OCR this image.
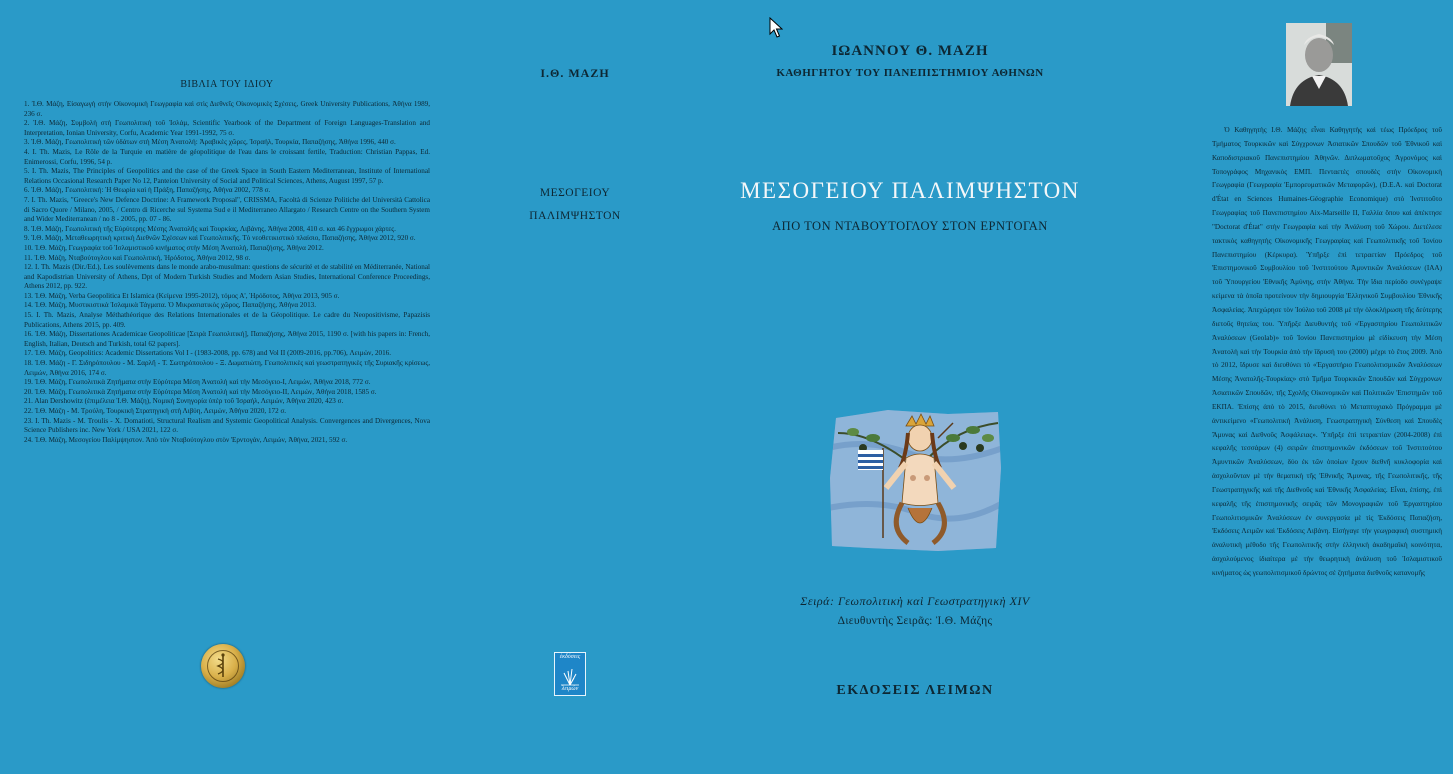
ΒΙΒΛΙΑ ΤΟΥ ΙΔΙΟΥ

1. Ἰ.Θ. Μάζη, Εἰσαγωγὴ στὴν Οἰκονομικὴ Γεωγραφία καὶ στὶς Διεθνεῖς Οἰκονομικὲς Σχέσεις, Greek University Publications, Ἀθήνα 1989, 236 σ.

2. Ἰ.Θ. Μάζη, Συμβολὴ στὴ Γεωπολιτικὴ τοῦ Ἰσλάμ, Scientific Yearbook of the Department of Foreign Languages-Translation and Interpretation, Ionian University, Corfu, Academic Year 1991-1992, 75 σ.

3. Ἰ.Θ. Μάζη, Γεωπολιτικὴ τῶν ὑδάτων στὴ Μέση Ἀνατολή: Ἀραβικὲς χῶρες, Ἰσραήλ, Τουρκία, Παπαζήσης, Ἀθήνα 1996, 440 σ.

4. I. Th. Mazis, Le Rôle de la Turquie en matière de géopolitique de l'eau dans le croissant fertile, Traduction: Christian Pappas, Ed. Enimerossi, Corfu, 1996, 54 p.

5. I. Th. Mazis, The Principles of Geopolitics and the case of the Greek Space in South Eastern Mediterranean, Institute of International Relations Occasional Research Paper No 12, Panteion University of Social and Political Sciences, Athens, August 1997, 57 p.

6. Ἰ.Θ. Μάζη, Γεωπολιτική: Ἡ Θεωρία καὶ ἡ Πράξη, Παπαζήσης, Ἀθήνα 2002, 778 σ.

7. I. Th. Mazis, "Greece's New Defence Doctrine: A Framework Proposal", CRISSMA, Facoltà di Scienze Politiche del Università Cattolica di Sacro Quore / Milano, 2005, / Centro di Ricerche sul Systema Sud e il Mediterraneo Allargato / Research Centre on the Southern System and Wider Mediterranean / no 8 - 2005, pp. 07 - 86.

8. Ἰ.Θ. Μάζη, Γεωπολιτικὴ τῆς Εὐρύτερης Μέσης Ἀνατολῆς καὶ Τουρκίας, Λιβάνης, Ἀθήνα 2008, 410 σ. και 46 ἔγχρωμοι χάρτες.

9. Ἰ.Θ. Μάζη, Μεταθεωρητικὴ κριτικὴ Διεθνῶν Σχέσεων καὶ Γεωπολιτικῆς. Τὸ νεοθετικιστικὸ πλαίσιο, Παπαζήσης, Ἀθήνα 2012, 920 σ.

10. Ἰ.Θ. Μάζη, Γεωγραφία τοῦ Ἰσλαμιστικοῦ κινήματος στὴν Μέση Ἀνατολή, Παπαζήσης, Ἀθήνα 2012.

11. Ἰ.Θ. Μάζη, Νταβούτογλου καὶ Γεωπολιτική, Ἡρόδοτος, Ἀθήνα 2012, 98 σ.

12. I. Th. Mazis (Dir./Ed.), Les soulèvements dans le monde arabo-musulman: questions de sécurité et de stabilité en Méditerranée, National and Kapodistrian University of Athens, Dpt of Modern Turkish Studies and Modern Asian Studies, International Conference Proceedings, Athens 2012, pp. 922.

13. Ἰ.Θ. Μάζη, Verba Geopolitica Et Islamica (Κείμενα 1995-2012), τόμος Α', Ἡρόδοτος, Ἀθήνα 2013, 905 σ.

14. Ἰ.Θ. Μάζη, Μυστικιστικὰ Ἰσλαμικὰ Τάγματα. Ὁ Μικρασιατικὸς χῶρος, Παπαζήσης, Ἀθήνα 2013.

15. I. Th. Mazis, Analyse Méthathéorique des Relations Internationales et de la Géopolitique. Le cadre du Neopositivisme, Papazisis Publications, Athens 2015, pp. 409.

16. Ἰ.Θ. Μάζη, Dissertationes Academicae Geopoliticae [Σειρὰ Γεωπολιτική], Παπαζήσης, Ἀθήνα 2015, 1190 σ. [with his papers in: French, English, Italian, Deutsch and Turkish, total 62 papers].

17. Ἰ.Θ. Μάζη, Geopolitics: Academic Dissertations Vol I - (1983-2008, pp. 678) and Vol II (2009-2016, pp.706), Λειμών, 2016.

18. Ἰ.Θ. Μάζη - Γ. Σιδηρόπουλου - Μ. Σαρλῆ - Τ. Σωτηρόπουλου - Ξ. Δωματιώτη, Γεωπολιτικὲς καὶ γεωστρατηγικὲς τῆς Συριακῆς κρίσεως, Λειμών, Ἀθήνα 2016, 174 σ.

19. Ἰ.Θ. Μάζη, Γεωπολιτικὰ Ζητήματα στὴν Εὐρύτερα Μέση Ἀνατολὴ καὶ τὴν Μεσόγειο-Ι, Λειμών, Ἀθήνα 2018, 772 σ.

20. Ἰ.Θ. Μάζη, Γεωπολιτικὰ Ζητήματα στὴν Εὐρύτερα Μέση Ἀνατολὴ καὶ τὴν Μεσόγειο-ΙΙ, Λειμών, Ἀθήνα 2018, 1585 σ.

21. Alan Dershowitz (ἐπιμέλεια Ἰ.Θ. Μάζη), Νομικὴ Συνηγορία ὑπὲρ τοῦ Ἰσραήλ, Λειμών, Ἀθήνα 2020, 423 σ.

22. Ἰ.Θ. Μάζη - Μ. Τρούλη, Τουρκικὴ Στρατηγικὴ στὴ Λιβύη, Λειμών, Ἀθήνα 2020, 172 σ.

23. I. Th. Mazis - M. Troulis - X. Domatioti, Structural Realism and Systemic Geopolitical Analysis. Convergences and Divergences, Nova Science Publishers inc. New York / USA 2021, 122 σ.

24. Ἰ.Θ. Μάζη, Μεσογείου Παλίμψηστον. Ἀπὸ τὸν Νταβούτογλου στὸν Ἐρντογάν, Λειμών, Ἀθήνα, 2021, 592 σ.

Ι.Θ. ΜΑΖΗ
ΜΕΣΟΓΕΙΟΥ
ΠΑΛΙΜΨΗΣΤΟΝ
ἐκδόσεις
λειμών
ΙΩΑΝΝΟΥ Θ. ΜΑΖΗ
ΚΑΘΗΓΗΤΟΥ ΤΟΥ ΠΑΝΕΠΙΣΤΗΜΙΟΥ ΑΘΗΝΩΝ
ΜΕΣΟΓΕΙΟΥ ΠΑΛΙΜΨΗΣΤΟΝ
ΑΠΟ ΤΟΝ ΝΤΑΒΟΥΤΟΓΛΟΥ ΣΤΟΝ ΕΡΝΤΟΓΑΝ
Σειρά: Γεωπολιτικὴ καὶ Γεωστρατηγικὴ XIV
Διευθυντὴς Σειρᾶς: Ἰ.Θ. Μάζης
ΕΚΔΟΣΕΙΣ ΛΕΙΜΩΝ
Ὁ Καθηγητὴς Ι.Θ. Μάζης εἶναι Καθηγητὴς καὶ τέως Πρόεδρος τοῦ Τμήματος Τουρκικῶν καὶ Σύγχρονων Ἀσιατικῶν Σπουδῶν τοῦ Ἐθνικοῦ καὶ Καποδιστριακοῦ Πανεπιστημίου Ἀθηνῶν. Διπλωματοῦχος Ἀγρονόμος καὶ Τοπογράφος Μηχανικὸς ΕΜΠ. Πενταετὲς σπουδὲς στὴν Οἰκονομικὴ Γεωγραφία (Γεωγραφία Ἐμπορευματικῶν Μεταφορῶν), (D.E.A. καὶ Doctorat d'État en Sciences Humaines-Géographie Economique) στὸ Ἰνστιτοῦτο Γεωγραφίας τοῦ Πανεπιστημίου Aix-Marseille II, Γαλλία ὅπου καὶ ἀπέκτησε "Doctorat d'État" στὴν Γεωγραφία καὶ τὴν Ἀνάλυση τοῦ Χώρου. Διετέλεσε τακτικὸς καθηγητὴς Οἰκονομικῆς Γεωγραφίας καὶ Γεωπολιτικῆς τοῦ Ἰονίου Πανεπιστημίου (Κέρκυρα). Ὑπῆρξε ἐπὶ τετραετίαν Πρόεδρος τοῦ Ἐπιστημονικοῦ Συμβουλίου τοῦ Ἰνστιτούτου Ἀμυντικῶν Ἀναλύσεων (ΙΑΑ) τοῦ Ὑπουργείου Ἐθνικῆς Ἀμύνης, στὴν Ἀθήνα. Τὴν ἴδια περίοδο συνέγραψε κείμενα τὰ ὁποῖα προτείνουν τὴν δημιουργία Ἑλληνικοῦ Συμβουλίου Ἐθνικῆς Ἀσφαλείας. Ἀπεχώρησε τὸν Ἰούλιο τοῦ 2008 μὲ τὴν ὁλοκλήρωση τῆς δεύτερης διετοῦς θητείας του. Ὑπῆρξε Διευθυντὴς τοῦ «Ἐργαστηρίου Γεωπολιτικῶν Ἀναλύσεων (Geolab)» τοῦ Ἰονίου Πανεπιστημίου μὲ εἰδίκευση τὴν Μέση Ἀνατολὴ καὶ τὴν Τουρκία ἀπὸ τὴν ἵδρυσή του (2000) μέχρι τὸ ἔτος 2009. Ἀπὸ τὸ 2012, ἵδρυσε καὶ διευθύνει τὸ «Ἐργαστήριο Γεωπολιτισμικῶν Ἀναλύσεων Μέσης Ἀνατολῆς-Τουρκίας» στὸ Τμῆμα Τουρκικῶν Σπουδῶν καὶ Σύγχρονων Ἀσιατικῶν Σπουδῶν, τῆς Σχολῆς Οἰκονομικῶν καὶ Πολιτικῶν Ἐπιστημῶν τοῦ ΕΚΠΑ. Ἐπίσης ἀπὸ τὸ 2015, διευθύνει τὸ Μεταπτυχιακὸ Πρόγραμμα μὲ ἀντικείμενο «Γεωπολιτικὴ Ἀνάλυση, Γεωστρατηγικὴ Σύνθεση καὶ Σπουδὲς Ἄμυνας καὶ Διεθνοῦς Ἀσφάλειας». Ὑπῆρξε ἐπὶ τετραετίαν (2004-2008) ἐπὶ κεφαλῆς τεσσάρων (4) σειρῶν ἐπιστημονικῶν ἐκδόσεων τοῦ Ἰνστιτούτου Ἀμυντικῶν Ἀναλύσεων, δύο ἐκ τῶν ὁποίων ἔχουν διεθνῆ κυκλοφορία καὶ ἀσχολοῦνταν μὲ τὴν θεματικὴ τῆς Ἐθνικῆς Ἄμυνας, τῆς Γεωπολιτικῆς, τῆς Γεωστρατηγικῆς καὶ τῆς Διεθνοῦς καὶ Ἐθνικῆς Ἀσφαλείας. Εἶναι, ἐπίσης, ἐπὶ κεφαλῆς τῆς ἐπιστημονικῆς σειρᾶς τῶν Μονογραφιῶν τοῦ Ἐργαστηρίου Γεωπολιτισμικῶν Ἀναλύσεων ἐν συνεργασία μὲ τὶς Ἐκδόσεις Παπαζήση, Ἐκδόσεις Λειμῶν καὶ Ἐκδόσεις Λιβάνη. Εἰσήγαγε τὴν γεωγραφικὴ συστημικὴ ἀναλυτικὴ μέθοδο τῆς Γεωπολιτικῆς στὴν ἑλληνικὴ ἀκαδημαϊκὴ κοινότητα, ἀσχολούμενος ἰδιαίτερα μὲ τὴν θεωρητικὴ ἀνάλυση τοῦ Ἰσλαμιστικοῦ κινήματος ὡς γεωπολιτισμικοῦ δρώντος σὲ ζητήματα διεθνοῦς κατανομῆς
